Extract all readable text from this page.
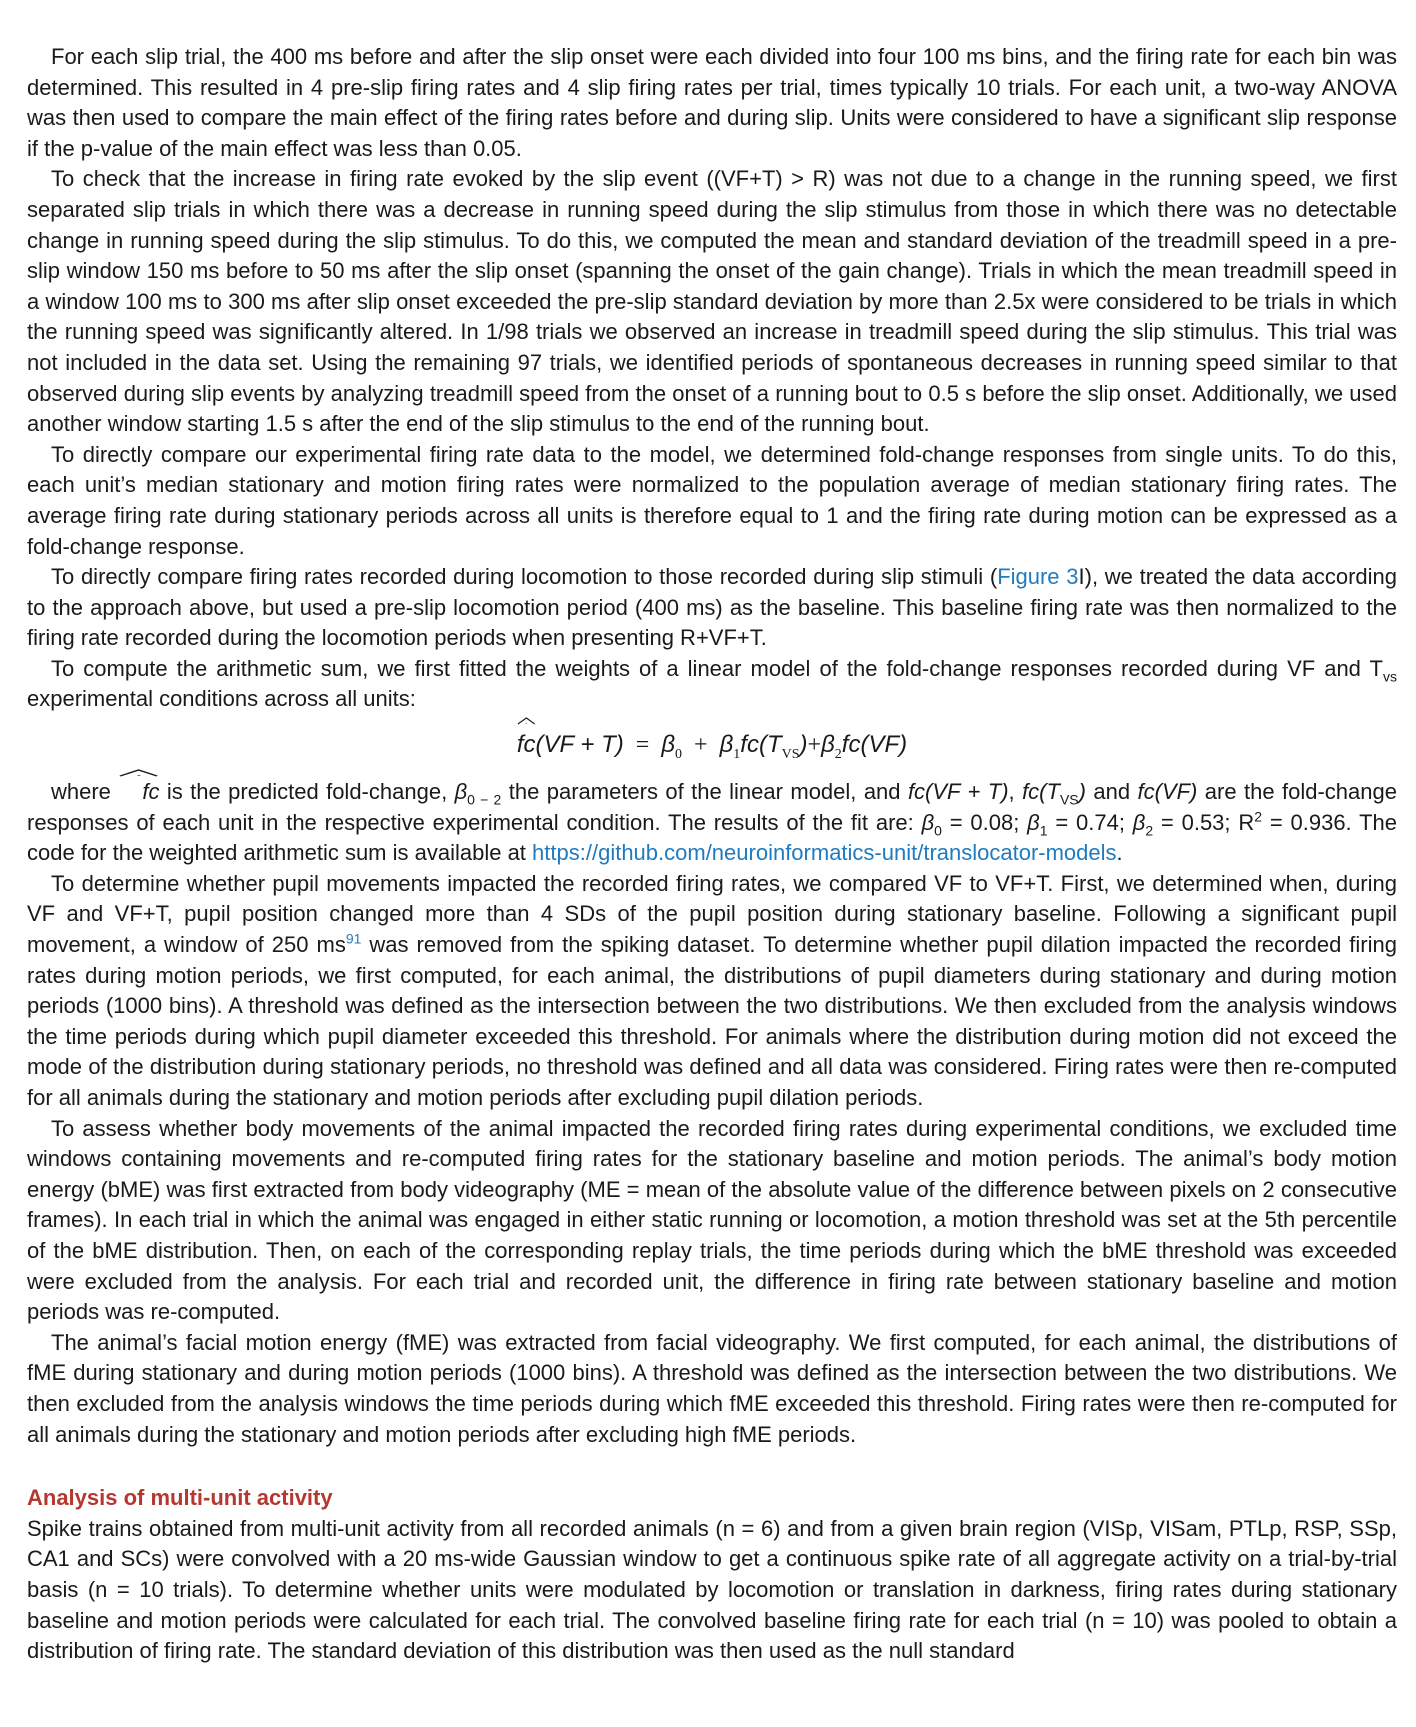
For each slip trial, the 400 ms before and after the slip onset were each divided into four 100 ms bins, and the firing rate for each bin was determined. This resulted in 4 pre-slip firing rates and 4 slip firing rates per trial, times typically 10 trials. For each unit, a two-way ANOVA was then used to compare the main effect of the firing rates before and during slip. Units were considered to have a significant slip response if the p-value of the main effect was less than 0.05.

To check that the increase in firing rate evoked by the slip event ((VF+T) > R) was not due to a change in the running speed, we first separated slip trials in which there was a decrease in running speed during the slip stimulus from those in which there was no detectable change in running speed during the slip stimulus. To do this, we computed the mean and standard deviation of the treadmill speed in a pre-slip window 150 ms before to 50 ms after the slip onset (spanning the onset of the gain change). Trials in which the mean treadmill speed in a window 100 ms to 300 ms after slip onset exceeded the pre-slip standard deviation by more than 2.5x were considered to be trials in which the running speed was significantly altered. In 1/98 trials we observed an increase in treadmill speed during the slip stimulus. This trial was not included in the data set. Using the remaining 97 trials, we identified periods of spontaneous decreases in running speed similar to that observed during slip events by analyzing treadmill speed from the onset of a running bout to 0.5 s before the slip onset. Additionally, we used another window starting 1.5 s after the end of the slip stimulus to the end of the running bout.

To directly compare our experimental firing rate data to the model, we determined fold-change responses from single units. To do this, each unit’s median stationary and motion firing rates were normalized to the population average of median stationary firing rates. The average firing rate during stationary periods across all units is therefore equal to 1 and the firing rate during motion can be expressed as a fold-change response.

To directly compare firing rates recorded during locomotion to those recorded during slip stimuli (Figure 3I), we treated the data according to the approach above, but used a pre-slip locomotion period (400 ms) as the baseline. This baseline firing rate was then normalized to the firing rate recorded during the locomotion periods when presenting R+VF+T.

To compute the arithmetic sum, we first fitted the weights of a linear model of the fold-change responses recorded during VF and $T_{vs}$ experimental conditions across all units:

$fc(VF + T) = \beta_0 + \beta_1fc(T_{VS})+\beta_2fc(VF)$

where
fc is the predicted fold-change, $\beta_{0 - 2}$ the parameters of the linear model, and fc(VF + T), $fc(T_{VS})$ and fc(VF) are the fold-change responses of each unit in the respective experimental condition. The results of the fit are: $\beta_0 = 0.08$; $\beta_1 = 0.74$; $\beta_2 = 0.53$; $R^2 = 0.936$. The code for the weighted arithmetic sum is available at https://github.com/neuroinformatics-unit/translocator-models.

To determine whether pupil movements impacted the recorded firing rates, we compared VF to VF+T. First, we determined when, during VF and VF+T, pupil position changed more than 4 SDs of the pupil position during stationary baseline. Following a significant pupil movement, a window of 250 $ms^{91}$ was removed from the spiking dataset. To determine whether pupil dilation impacted the recorded firing rates during motion periods, we first computed, for each animal, the distributions of pupil diameters during stationary and during motion periods (1000 bins). A threshold was defined as the intersection between the two distributions. We then excluded from the analysis windows the time periods during which pupil diameter exceeded this threshold. For animals where the distribution during motion did not exceed the mode of the distribution during stationary periods, no threshold was defined and all data was considered. Firing rates were then re-computed for all animals during the stationary and motion periods after excluding pupil dilation periods.

To assess whether body movements of the animal impacted the recorded firing rates during experimental conditions, we excluded time windows containing movements and re-computed firing rates for the stationary baseline and motion periods. The animal’s body motion energy (bME) was first extracted from body videography (ME = mean of the absolute value of the difference between pixels on 2 consecutive frames). In each trial in which the animal was engaged in either static running or locomotion, a motion threshold was set at the 5th percentile of the bME distribution. Then, on each of the corresponding replay trials, the time periods during which the bME threshold was exceeded were excluded from the analysis. For each trial and recorded unit, the difference in firing rate between stationary baseline and motion periods was re-computed.

The animal’s facial motion energy (fME) was extracted from facial videography. We first computed, for each animal, the distributions of fME during stationary and during motion periods (1000 bins). A threshold was defined as the intersection between the two distributions. We then excluded from the analysis windows the time periods during which fME exceeded this threshold. Firing rates were then re-computed for all animals during the stationary and motion periods after excluding high fME periods.

Analysis of multi-unit activity

Spike trains obtained from multi-unit activity from all recorded animals (n = 6) and from a given brain region (VISp, VISam, PTLp, RSP, SSp, CA1 and SCs) were convolved with a 20 ms-wide Gaussian window to get a continuous spike rate of all aggregate activity on a trial-by-trial basis (n = 10 trials). To determine whether units were modulated by locomotion or translation in darkness, firing rates during stationary baseline and motion periods were calculated for each trial. The convolved baseline firing rate for each trial (n = 10) was pooled to obtain a distribution of firing rate. The standard deviation of this distribution was then used as the null standard
